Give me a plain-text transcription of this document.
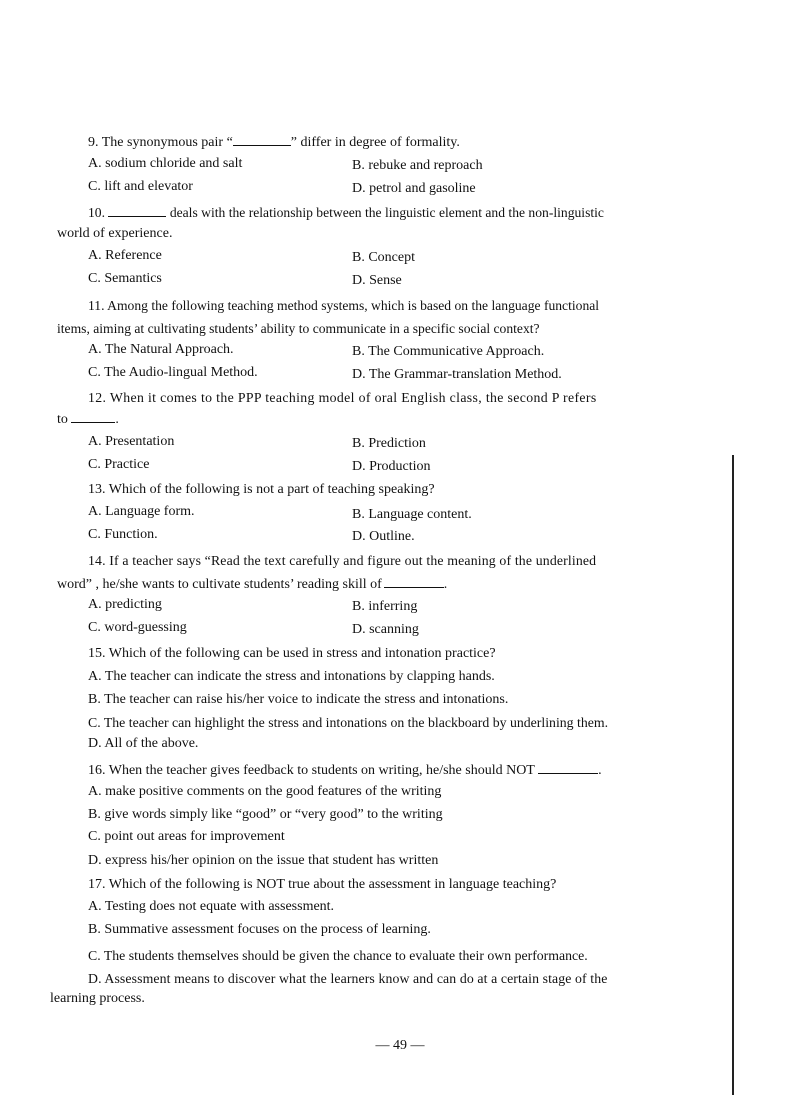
9. The synonymous pair “	” differ in degree of formality.
A. sodium chloride and salt	B. rebuke and reproach
C. lift and elevator	D. petrol and gasoline
10.	deals with the relationship between the linguistic element and the non-linguistic
world of experience.
A. Reference	B. Concept
C. Semantics	D. Sense
11. Among the following teaching method systems, which is based on the language functional
items, aiming at cultivating students’ ability to communicate in a specific social context?
A. The Natural Approach.	B. The Communicative Approach.
C. The Audio-lingual Method.	D. The Grammar-translation Method.
12. When it comes to the PPP teaching model of oral English class, the second P refers
to	.
A. Presentation	B. Prediction
C. Practice	D. Production
13. Which of the following is not a part of teaching speaking?
A. Language form.	B. Language content.
C. Function.	D. Outline.
14. If a teacher says “Read the text carefully and figure out the meaning of the underlined
word” , he/she wants to cultivate students’ reading skill of	.
A. predicting	B. inferring
C. word-guessing	D. scanning
15. Which of the following can be used in stress and intonation practice?
A. The teacher can indicate the stress and intonations by clapping hands.
B. The teacher can raise his/her voice to indicate the stress and intonations.
C. The teacher can highlight the stress and intonations on the blackboard by underlining them.
D. All of the above.
16. When the teacher gives feedback to students on writing, he/she should NOT	.
A. make positive comments on the good features of the writing
B. give words simply like “good” or “very good” to the writing
C. point out areas for improvement
D. express his/her opinion on the issue that student has written
17. Which of the following is NOT true about the assessment in language teaching?
A. Testing does not equate with assessment.
B. Summative assessment focuses on the process of learning.
C. The students themselves should be given the chance to evaluate their own performance.
D. Assessment means to discover what the learners know and can do at a certain stage of the
learning process.
— 49 —
